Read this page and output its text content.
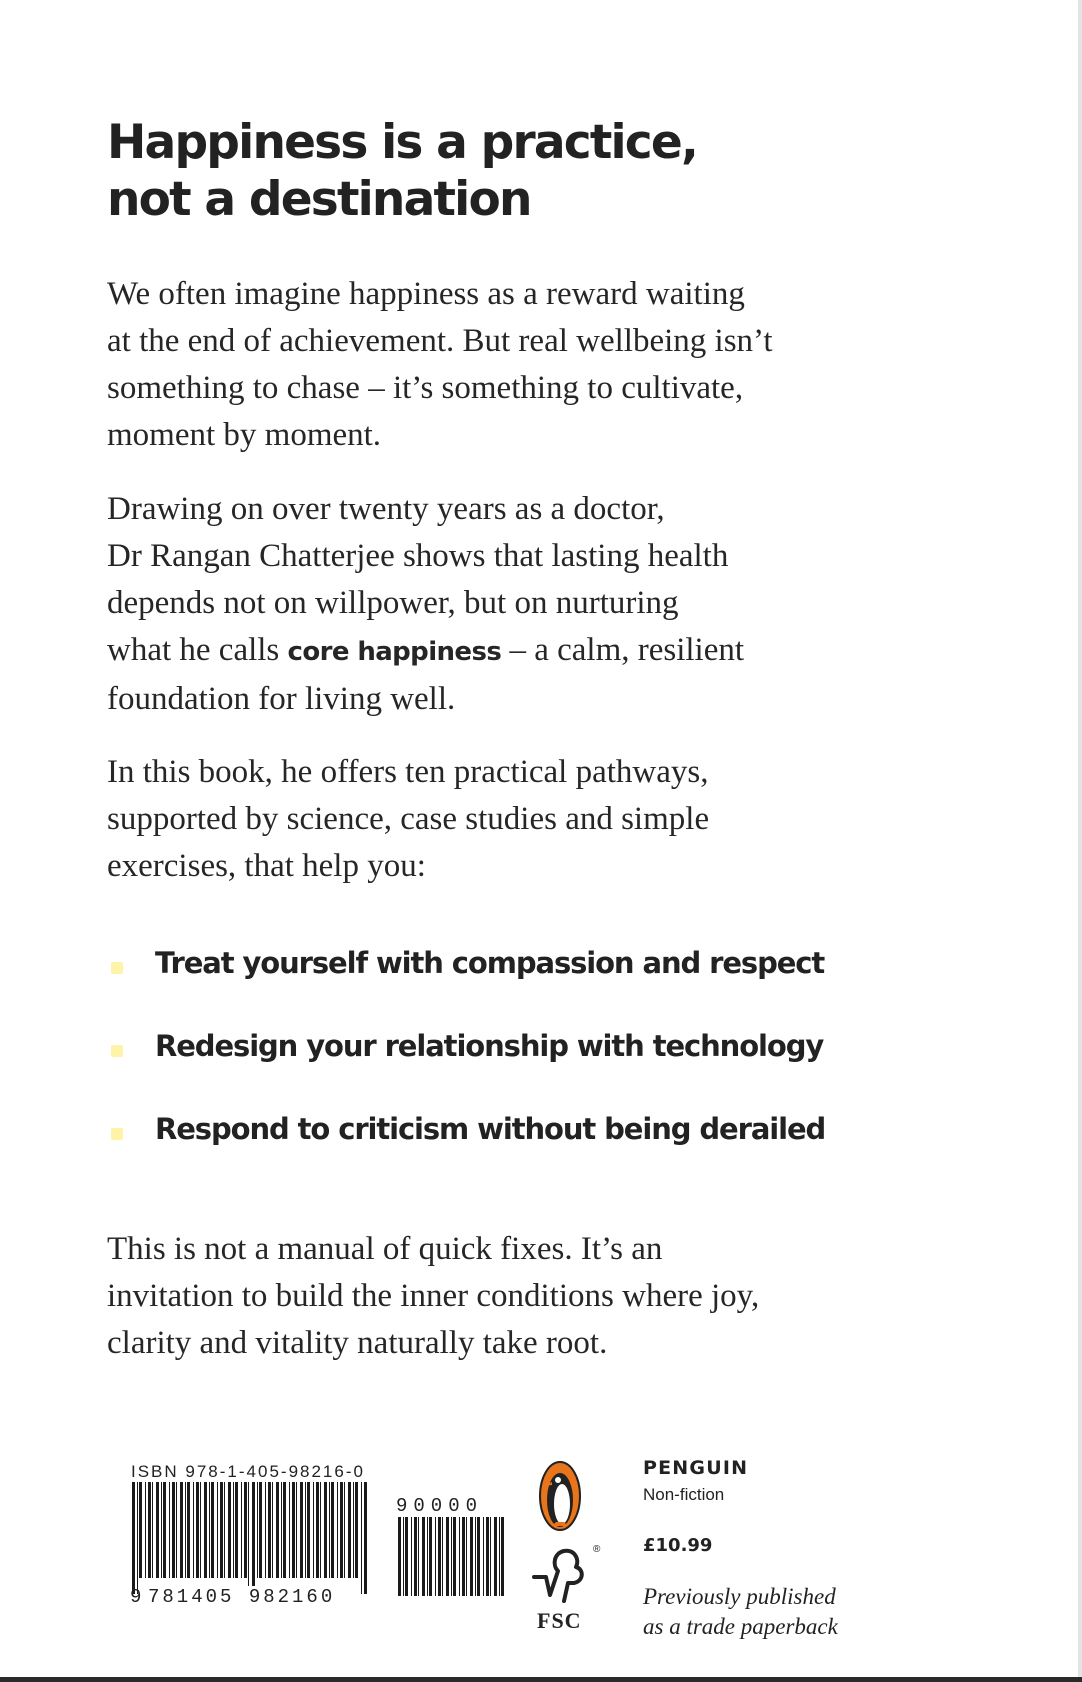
Happiness is a practice,
not a destination

We often imagine happiness as a reward waiting
at the end of achievement. But real wellbeing isn’t
something to chase – it’s something to cultivate,
moment by moment.

Drawing on over twenty years as a doctor,
Dr Rangan Chatterjee shows that lasting health
depends not on willpower, but on nurturing
what he calls core happiness – a calm, resilient
foundation for living well.

In this book, he offers ten practical pathways,
supported by science, case studies and simple
exercises, that help you:

Treat yourself with compassion and respect
Redesign your relationship with technology
Respond to criticism without being derailed

This is not a manual of quick fixes. It’s an
invitation to build the inner conditions where joy,
clarity and vitality naturally take root.

ISBN 978-1-405-98216-0
9 781405 982160
90000
®
FSC
PENGUIN
Non-fiction
£10.99
Previously published
as a trade paperback
